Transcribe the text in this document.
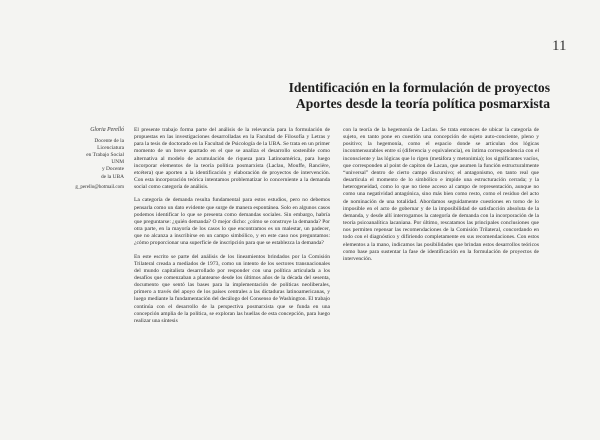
11
Identificación en la formulación de proyectos
Aportes desde la teoría política posmarxista
Gloria Perelló
Docente de la
Licenciatura
en Trabajo Social
UNM
y Docente
de la UBA
g_perello@hotmail.com

El presente trabajo forma parte del análisis de la relevancia para la formulación de propuestas en las investigaciones desarrolladas en la Facultad de Filosofía y Letras y para la tesis de doctorado en la Facultad de Psicología de la UBA. Se trata en un primer momento de un breve apartado en el que se analiza el desarrollo sostenible como alternativa al modelo de acumulación de riqueza para Latinoamérica, para luego incorporar elementos de la teoría política posmarxista (Laclau, Mouffe, Rancière, etcétera) que aporten a la identificación y elaboración de proyectos de intervención. Con esta incorporación teórica intentamos problematizar lo concerniente a la demanda social como categoría de análisis.

La categoría de demanda resulta fundamental para estos estudios, pero no debemos pensarla como un dato evidente que surge de manera espontánea. Solo en algunos casos podemos identificar lo que se presenta como demandas sociales. Sin embargo, habría que preguntarse: ¿quién demanda? O mejor dicho: ¿cómo se construye la demanda? Por otra parte, en la mayoría de los casos lo que encontramos es un malestar, un padecer, que no alcanza a inscribirse en un campo simbólico, y en este caso nos preguntamos: ¿cómo proporcionar una superficie de inscripción para que se establezca la demanda?

En este escrito se parte del análisis de los lineamientos brindados por la Comisión Trilateral creada a mediados de 1973, como un intento de los sectores transnacionales del mundo capitalista desarrollado por responder con una política articulada a los desafíos que comenzaban a plantearse desde los últimos años de la década del sesenta, documento que sentó las bases para la implementación de políticas neoliberales, primero a través del apoyo de los países centrales a las dictaduras latinoamericanas, y luego mediante la fundamentación del decálogo del Consenso de Washington. El trabajo continúa con el desarrollo de la perspectiva posmarxista que se funda en una concepción amplia de la política, se exploran las huellas de esta concepción, para luego realizar una síntesis

con la teoría de la hegemonía de Laclau. Se trata entonces de ubicar la categoría de sujeto, en tanto pone en cuestión una concepción de sujeto auto-conciente, pleno y positivo; la hegemonía, como el espacio donde se articulan dos lógicas inconmensurables entre sí (diferencia y equivalencia), en íntima correspondencia con el inconsciente y las lógicas que lo rigen (metáfora y metonimia); los significantes vacíos, que corresponden al point de capiton de Lacan, que asumen la función estructuralmente “universal” dentro de cierto campo discursivo; el antagonismo, en tanto real que desarticula el momento de lo simbólico e impide una estructuración cerrada; y la heterogeneidad, como lo que no tiene acceso al campo de representación, aunque no como una negatividad antagónica, sino más bien como resto, como el residuo del acto de nominación de una totalidad. Abordamos seguidamente cuestiones en torno de lo imposible en el acto de gobernar y de la imposibilidad de satisfacción absoluta de la demanda, y desde allí interrogamos la categoría de demanda con la incorporación de la teoría psicoanalítica lacaniana. Por último, rescatamos las principales conclusiones que nos permiten repensar las recomendaciones de la Comisión Trilateral, concordando en todo con el diagnóstico y difiriendo completamente en sus recomendaciones. Con estos elementos a la mano, indicamos las posibilidades que brindan estos desarrollos teóricos como base para sustentar la fase de identificación en la formulación de proyectos de intervención.
